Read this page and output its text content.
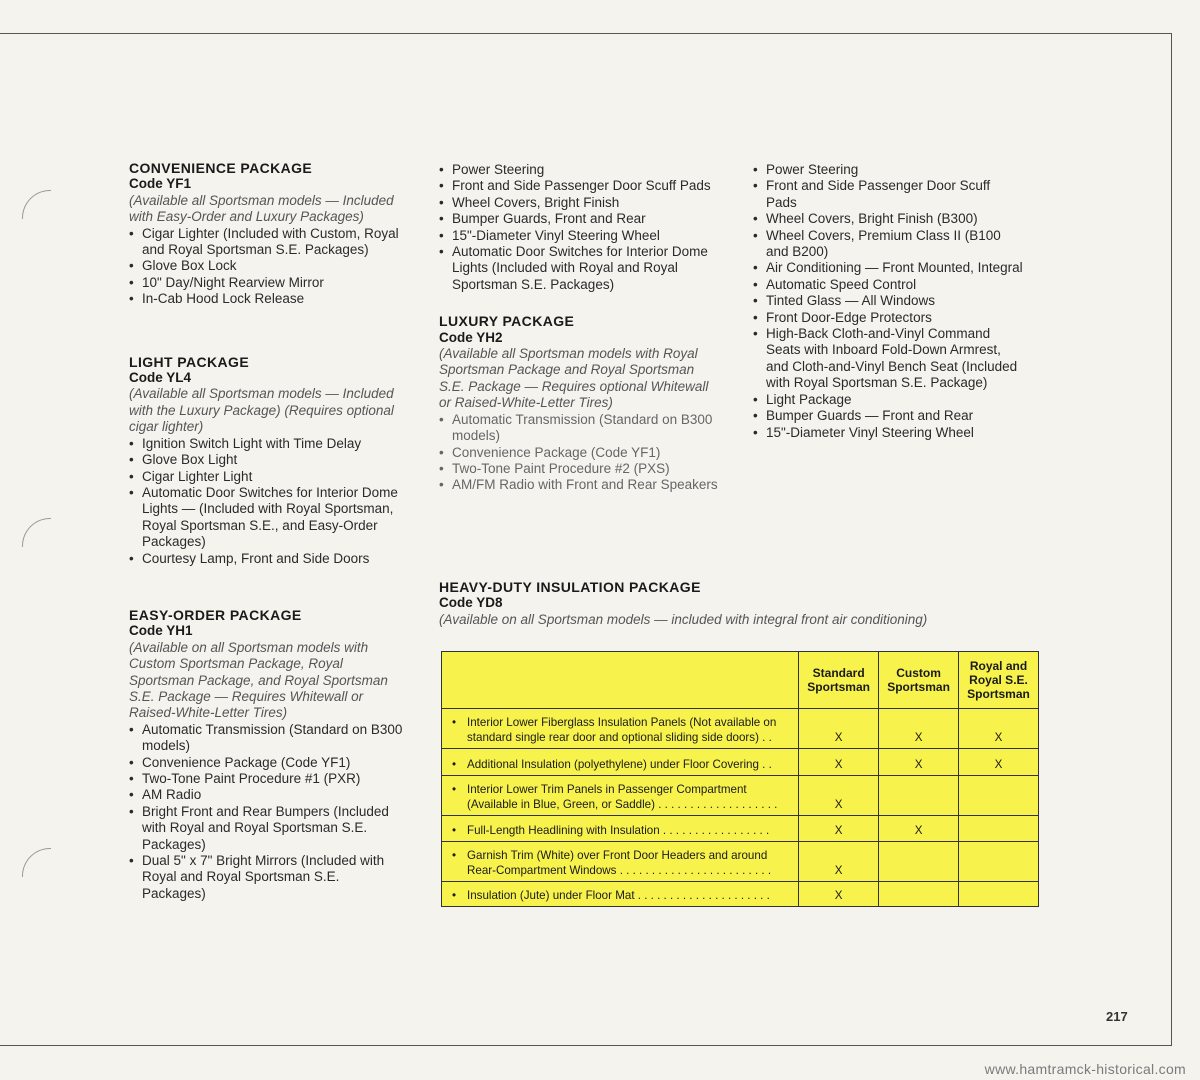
CONVENIENCE PACKAGE
Code YF1
(Available all Sportsman models — Included with Easy-Order and Luxury Packages)
• Cigar Lighter (Included with Custom, Royal and Royal Sportsman S.E. Packages)
• Glove Box Lock
• 10" Day/Night Rearview Mirror
• In-Cab Hood Lock Release
LIGHT PACKAGE
Code YL4
(Available all Sportsman models — Included with the Luxury Package) (Requires optional cigar lighter)
• Ignition Switch Light with Time Delay
• Glove Box Light
• Cigar Lighter Light
• Automatic Door Switches for Interior Dome Lights — (Included with Royal Sportsman, Royal Sportsman S.E., and Easy-Order Packages)
• Courtesy Lamp, Front and Side Doors
EASY-ORDER PACKAGE
Code YH1
(Available on all Sportsman models with Custom Sportsman Package, Royal Sportsman Package, and Royal Sportsman S.E. Package — Requires Whitewall or Raised-White-Letter Tires)
• Automatic Transmission (Standard on B300 models)
• Convenience Package (Code YF1)
• Two-Tone Paint Procedure #1 (PXR)
• AM Radio
• Bright Front and Rear Bumpers (Included with Royal and Royal Sportsman S.E. Packages)
• Dual 5" x 7" Bright Mirrors (Included with Royal and Royal Sportsman S.E. Packages)
• Power Steering
• Front and Side Passenger Door Scuff Pads
• Wheel Covers, Bright Finish
• Bumper Guards, Front and Rear
• 15"-Diameter Vinyl Steering Wheel
• Automatic Door Switches for Interior Dome Lights (Included with Royal and Royal Sportsman S.E. Packages)
LUXURY PACKAGE
Code YH2
(Available all Sportsman models with Royal Sportsman Package and Royal Sportsman S.E. Package — Requires optional Whitewall or Raised-White-Letter Tires)
• Automatic Transmission (Standard on B300 models)
• Convenience Package (Code YF1)
• Two-Tone Paint Procedure #2 (PXS)
• AM/FM Radio with Front and Rear Speakers
• Power Steering
• Front and Side Passenger Door Scuff Pads
• Wheel Covers, Bright Finish (B300)
• Wheel Covers, Premium Class II (B100 and B200)
• Air Conditioning — Front Mounted, Integral
• Automatic Speed Control
• Tinted Glass — All Windows
• Front Door-Edge Protectors
• High-Back Cloth-and-Vinyl Command Seats with Inboard Fold-Down Armrest, and Cloth-and-Vinyl Bench Seat (Included with Royal Sportsman S.E. Package)
• Light Package
• Bumper Guards — Front and Rear
• 15"-Diameter Vinyl Steering Wheel
HEAVY-DUTY INSULATION PACKAGE
Code YD8
(Available on all Sportsman models — included with integral front air conditioning)
	Standard Sportsman	Custom Sportsman	Royal and Royal S.E. Sportsman

• Interior Lower Fiberglass Insulation Panels (Not available on
standard single rear door and optional sliding side doors) . .	X	X	X

• Additional Insulation (polyethylene) under Floor Covering . .	X	X	X

• Interior Lower Trim Panels in Passenger Compartment
(Available in Blue, Green, or Saddle) . . . . . . . . . . . . . . . . . . .	X		

• Full-Length Headlining with Insulation . . . . . . . . . . . . . . . . .	X	X	

• Garnish Trim (White) over Front Door Headers and around
Rear-Compartment Windows . . . . . . . . . . . . . . . . . . . . . . . .	X		

• Insulation (Jute) under Floor Mat . . . . . . . . . . . . . . . . . . . . .	X		
217
www.hamtramck-historical.com
